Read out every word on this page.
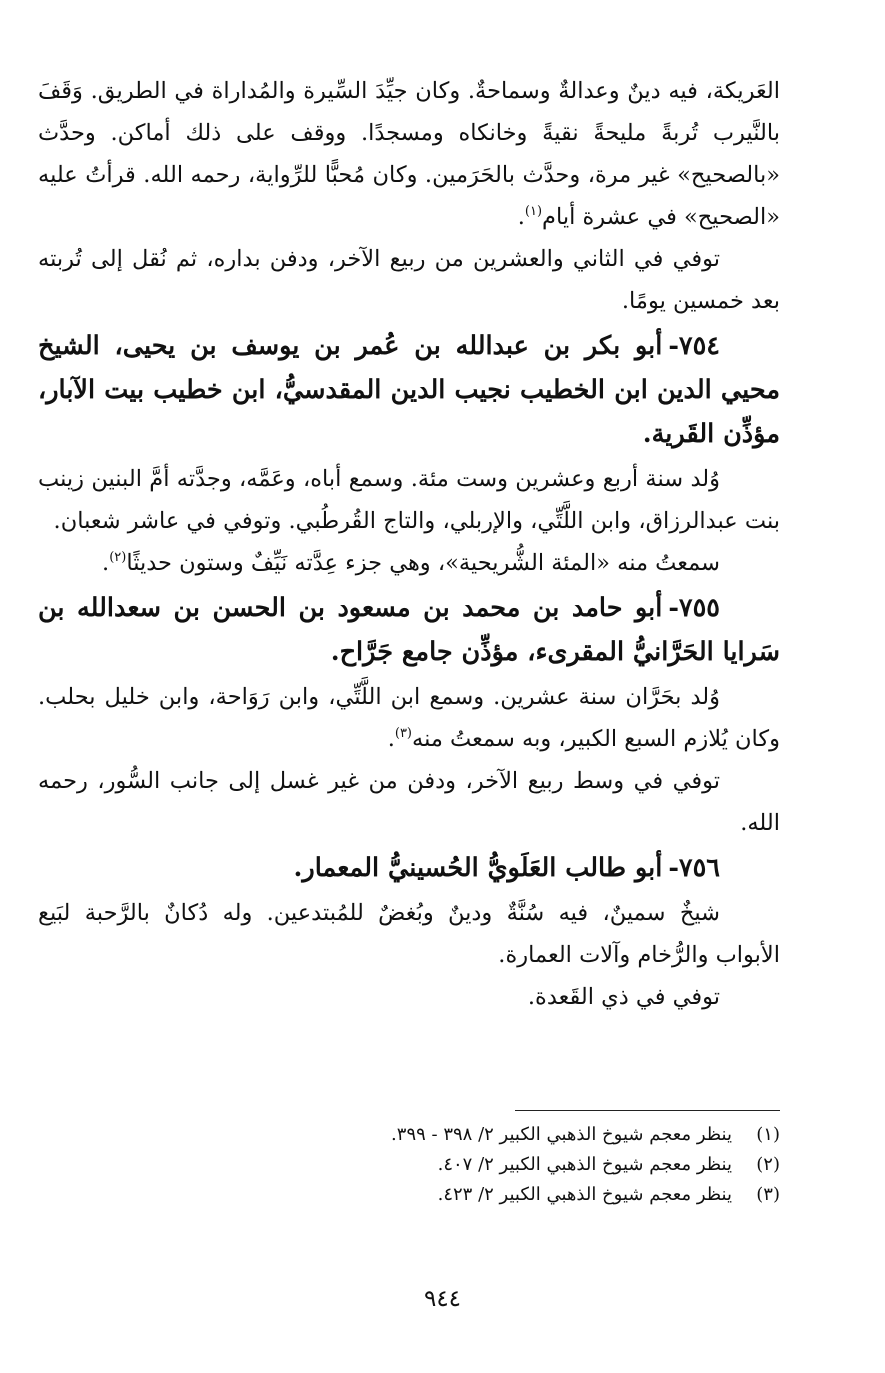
العَريكة، فيه دينٌ وعدالةٌ وسماحةٌ. وكان جيِّدَ السِّيرة والمُداراة في الطريق. وَقَفَ بالنَّيرب تُربةً مليحةً نقيةً وخانكاه ومسجدًا. ووقف على ذلك أماكن. وحدَّث «بالصحيح» غير مرة، وحدَّث بالحَرَمين. وكان مُحبًّا للرِّواية، رحمه الله. قرأتُ عليه «الصحيح» في عشرة أيام$^{(١)}$.

توفي في الثاني والعشرين من ربيع الآخر، ودفن بداره، ثم نُقل إلى تُربته بعد خمسين يومًا.

٧٥٤-أبو بكر بن عبدالله بن عُمر بن يوسف بن يحيى، الشيخ محيي الدين ابن الخطيب نجيب الدين المقدسيُّ، ابن خطيب بيت الآبار، مؤذِّن القَرية.

وُلد سنة أربع وعشرين وست مئة. وسمع أباه، وعَمَّه، وجدَّته أمَّ البنين زينب بنت عبدالرزاق، وابن اللَّتِّي، والإربلي، والتاج القُرطُبي. وتوفي في عاشر شعبان.

سمعتُ منه «المئة الشُّريحية»، وهي جزء عِدَّته نَيِّفٌ وستون حديثًا$^{(٢)}$.

٧٥٥-أبو حامد بن محمد بن مسعود بن الحسن بن سعدالله بن سَرايا الحَرَّانيُّ المقرىء، مؤذِّن جامع جَرَّاح.

وُلد بحَرَّان سنة عشرين. وسمع ابن اللَّتِّي، وابن رَوَاحة، وابن خليل بحلب. وكان يُلازم السبع الكبير، وبه سمعتُ منه$^{(٣)}$.

توفي في وسط ربيع الآخر، ودفن من غير غسل إلى جانب السُّور، رحمه الله.

٧٥٦-أبو طالب العَلَويُّ الحُسينيُّ المعمار.

شيخٌ سمينٌ، فيه سُنَّةٌ ودينٌ وبُغضٌ للمُبتدعين. وله دُكانٌ بالرَّحبة لبَيع الأبواب والرُّخام وآلات العمارة.

توفي في ذي القَعدة.

(١)
ينظر معجم شيوخ الذهبي الكبير ٢/ ٣٩٨ - ٣٩٩.

(٢)
ينظر معجم شيوخ الذهبي الكبير ٢/ ٤٠٧.

(٣)
ينظر معجم شيوخ الذهبي الكبير ٢/ ٤٢٣.

٩٤٤
